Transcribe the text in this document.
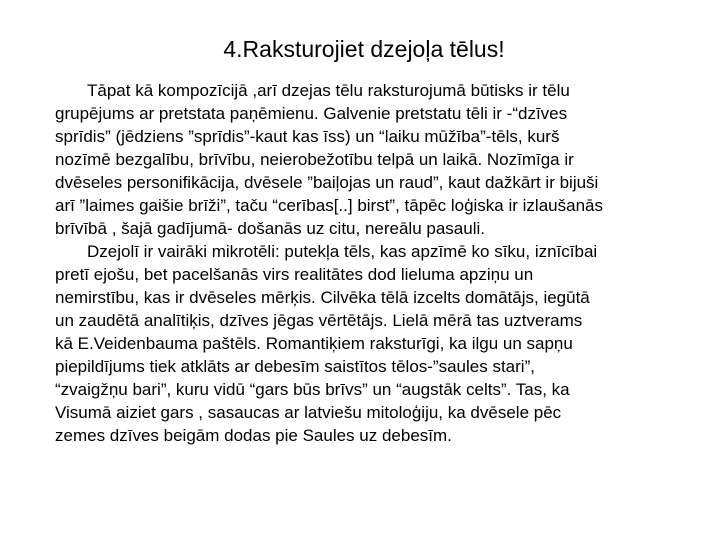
4.Raksturojiet dzejoļa tēlus!

Tāpat kā kompozīcijā ,arī dzejas tēlu raksturojumā būtisks ir tēlu
grupējums ar pretstata paņēmienu. Galvenie pretstatu tēli ir -“dzīves
sprīdis” (jēdziens ”sprīdis”-kaut kas īss) un “laiku mūžība”-tēls, kurš
nozīmē bezgalību, brīvību, neierobežotību telpā un laikā. Nozīmīga ir
dvēseles personifikācija, dvēsele ”baiļojas un raud”, kaut dažkārt ir bijuši
arī ”laimes gaišie brīži”, taču “cerības[..] birst”, tāpēc loģiska ir izlaušanās
brīvībā , šajā gadījumā- došanās uz citu, nereālu pasauli.

Dzejolī ir vairāki mikrotēli: putekļa tēls, kas apzīmē ko sīku, iznīcībai
pretī ejošu, bet pacelšanās virs realitātes dod lieluma apziņu un
nemirstību, kas ir dvēseles mērķis. Cilvēka tēlā izcelts domātājs, iegūtā
un zaudētā analītiķis, dzīves jēgas vērtētājs. Lielā mērā tas uztverams
kā E.Veidenbauma paštēls. Romantiķiem raksturīgi, ka ilgu un sapņu
piepildījums tiek atklāts ar debesīm saistītos tēlos-”saules stari”,
“zvaigžņu bari”, kuru vidū “gars būs brīvs” un “augstāk celts”. Tas, ka
Visumā aiziet gars , sasaucas ar latviešu mitoloģiju, ka dvēsele pēc
zemes dzīves beigām dodas pie Saules uz debesīm.
